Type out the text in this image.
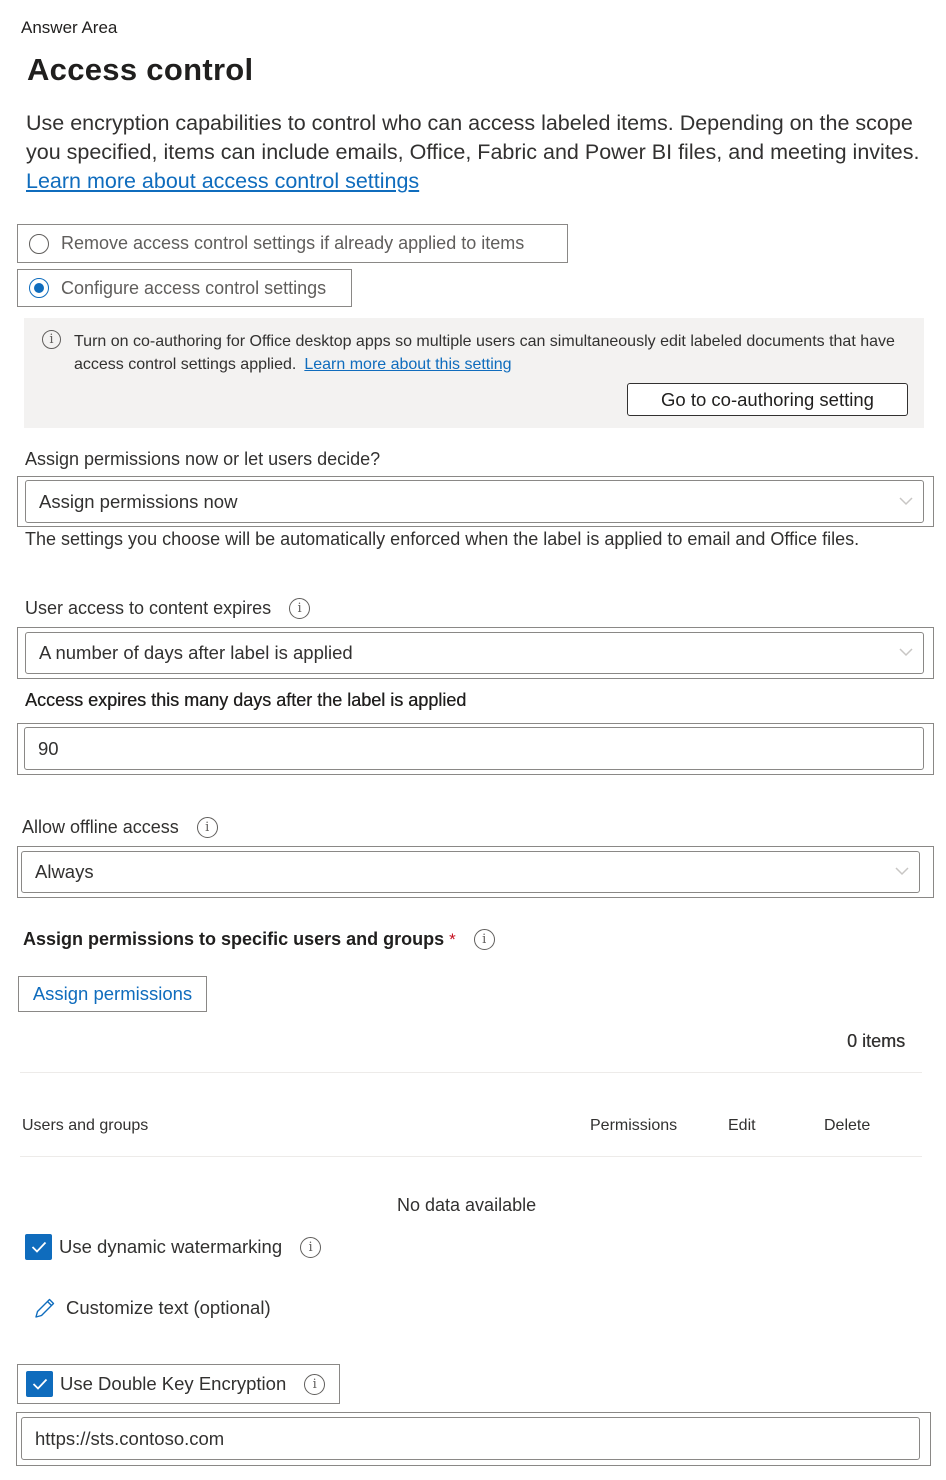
Answer Area
Access control
Use encryption capabilities to control who can access labeled items. Depending on the scope you specified, items can include emails, Office, Fabric and Power BI files, and meeting invites. Learn more about access control settings
Remove access control settings if already applied to items
Configure access control settings
i	Turn on co-authoring for Office desktop apps so multiple users can simultaneously edit labeled documents that have access control settings applied. Learn more about this setting
Go to co-authoring setting
Assign permissions now or let users decide?
Assign permissions now
The settings you choose will be automatically enforced when the label is applied to email and Office files.
User access to content expires	i
A number of days after label is applied
Access expires this many days after the label is applied
90
Allow offline access	i
Always
Assign permissions to specific users and groups *	i
Assign permissions
0 items
Users and groups	Permissions	Edit	Delete
No data available
Use dynamic watermarking	i
Customize text (optional)
Use Double Key Encryption	i
https://sts.contoso.com
